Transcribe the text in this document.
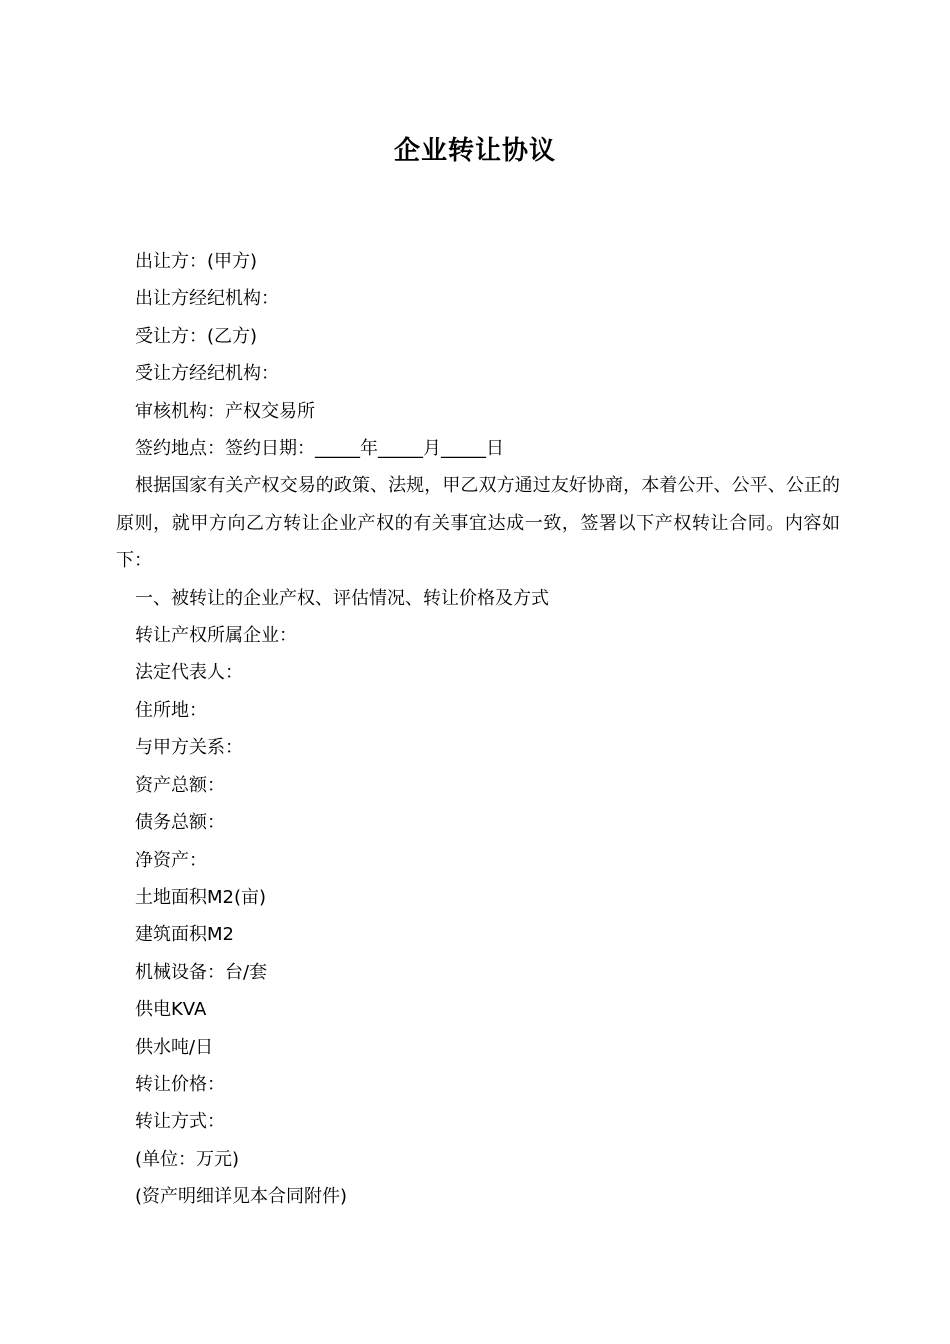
企业转让协议

出让方：(甲方)

出让方经纪机构：

受让方：(乙方)

受让方经纪机构：

审核机构：产权交易所

签约地点：签约日期：_____年_____月_____日

根据国家有关产权交易的政策、法规，甲乙双方通过友好协商，本着公开、公平、公正的原则，就甲方向乙方转让企业产权的有关事宜达成一致，签署以下产权转让合同。内容如下：

一、被转让的企业产权、评估情况、转让价格及方式

转让产权所属企业：

法定代表人：

住所地：

与甲方关系：

资产总额：

债务总额：

净资产：

土地面积M2(亩)

建筑面积M2

机械设备：台/套

供电KVA

供水吨/日

转让价格：

转让方式：

(单位：万元)

(资产明细详见本合同附件)
